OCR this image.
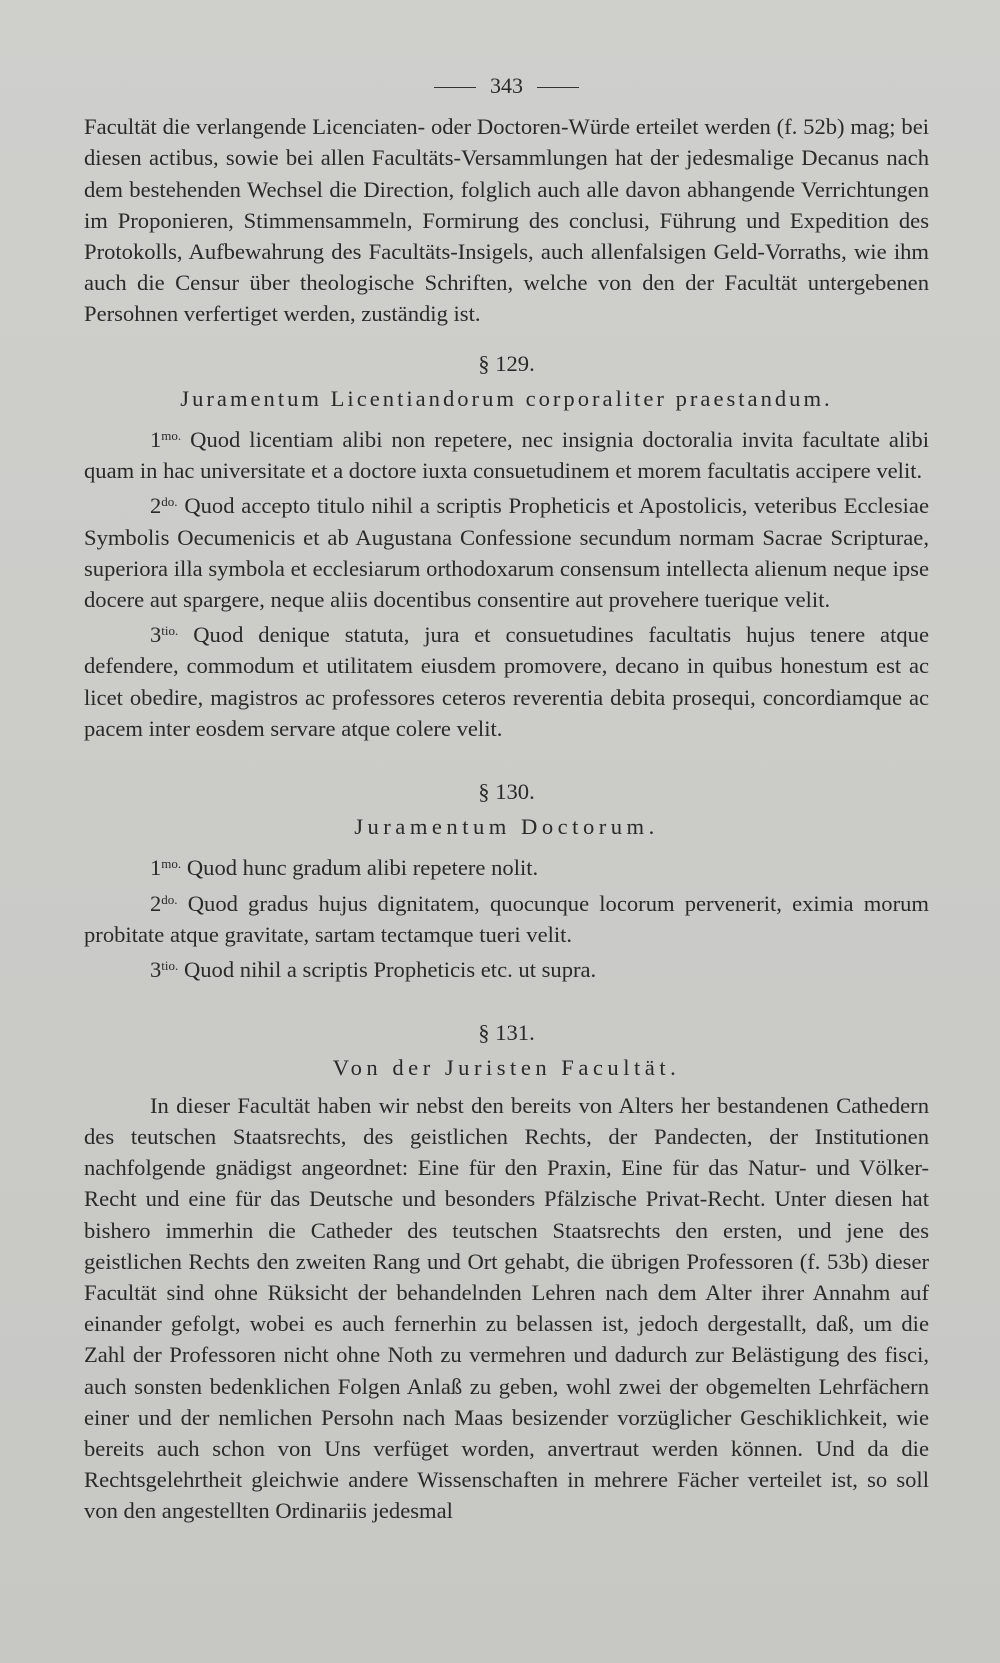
343

Facultät die verlangende Licenciaten- oder Doctoren-Würde erteilet werden (f. 52b) mag; bei diesen actibus, sowie bei allen Facultäts-Versammlungen hat der jedesmalige Decanus nach dem bestehenden Wechsel die Direction, folglich auch alle davon abhangende Verrichtungen im Proponieren, Stimmensammeln, Formirung des conclusi, Führung und Expedition des Protokolls, Aufbewahrung des Facultäts-Insigels, auch allenfalsigen Geld-Vorraths, wie ihm auch die Censur über theologische Schriften, welche von den der Facultät untergebenen Persohnen verfertiget werden, zuständig ist.

§ 129.
Juramentum Licentiandorum corporaliter praestandum.

$1^{mo.}$ Quod licentiam alibi non repetere, nec insignia doctoralia invita facultate alibi quam in hac universitate et a doctore iuxta consuetudinem et morem facultatis accipere velit.

$2^{do.}$ Quod accepto titulo nihil a scriptis Propheticis et Apostolicis, veteribus Ecclesiae Symbolis Oecumenicis et ab Augustana Confessione secundum normam Sacrae Scripturae, superiora illa symbola et ecclesiarum orthodoxarum consensum intellecta alienum neque ipse docere aut spargere, neque aliis docentibus consentire aut provehere tuerique velit.

$3^{tio.}$ Quod denique statuta, jura et consuetudines facultatis hujus tenere atque defendere, commodum et utilitatem eiusdem promovere, decano in quibus honestum est ac licet obedire, magistros ac professores ceteros reverentia debita prosequi, concordiamque ac pacem inter eosdem servare atque colere velit.

§ 130.
Juramentum Doctorum.

$1^{mo.}$ Quod hunc gradum alibi repetere nolit.

$2^{do.}$ Quod gradus hujus dignitatem, quocunque locorum pervenerit, eximia morum probitate atque gravitate, sartam tectamque tueri velit.

$3^{tio.}$ Quod nihil a scriptis Propheticis etc. ut supra.

§ 131.
Von der Juristen Facultät.

In dieser Facultät haben wir nebst den bereits von Alters her bestandenen Cathedern des teutschen Staatsrechts, des geistlichen Rechts, der Pandecten, der Institutionen nachfolgende gnädigst angeordnet: Eine für den Praxin, Eine für das Natur- und Völker-Recht und eine für das Deutsche und besonders Pfälzische Privat-Recht. Unter diesen hat bishero immerhin die Catheder des teutschen Staatsrechts den ersten, und jene des geistlichen Rechts den zweiten Rang und Ort gehabt, die übrigen Professoren (f. 53b) dieser Facultät sind ohne Rüksicht der behandelnden Lehren nach dem Alter ihrer Annahm auf einander gefolgt, wobei es auch fernerhin zu belassen ist, jedoch dergestallt, daß, um die Zahl der Professoren nicht ohne Noth zu vermehren und dadurch zur Belästigung des fisci, auch sonsten bedenklichen Folgen Anlaß zu geben, wohl zwei der obgemelten Lehrfächern einer und der nemlichen Persohn nach Maas besizender vorzüglicher Geschiklichkeit, wie bereits auch schon von Uns verfüget worden, anvertraut werden können. Und da die Rechtsgelehrtheit gleichwie andere Wissenschaften in mehrere Fächer verteilet ist, so soll von den angestellten Ordinariis jedesmal
